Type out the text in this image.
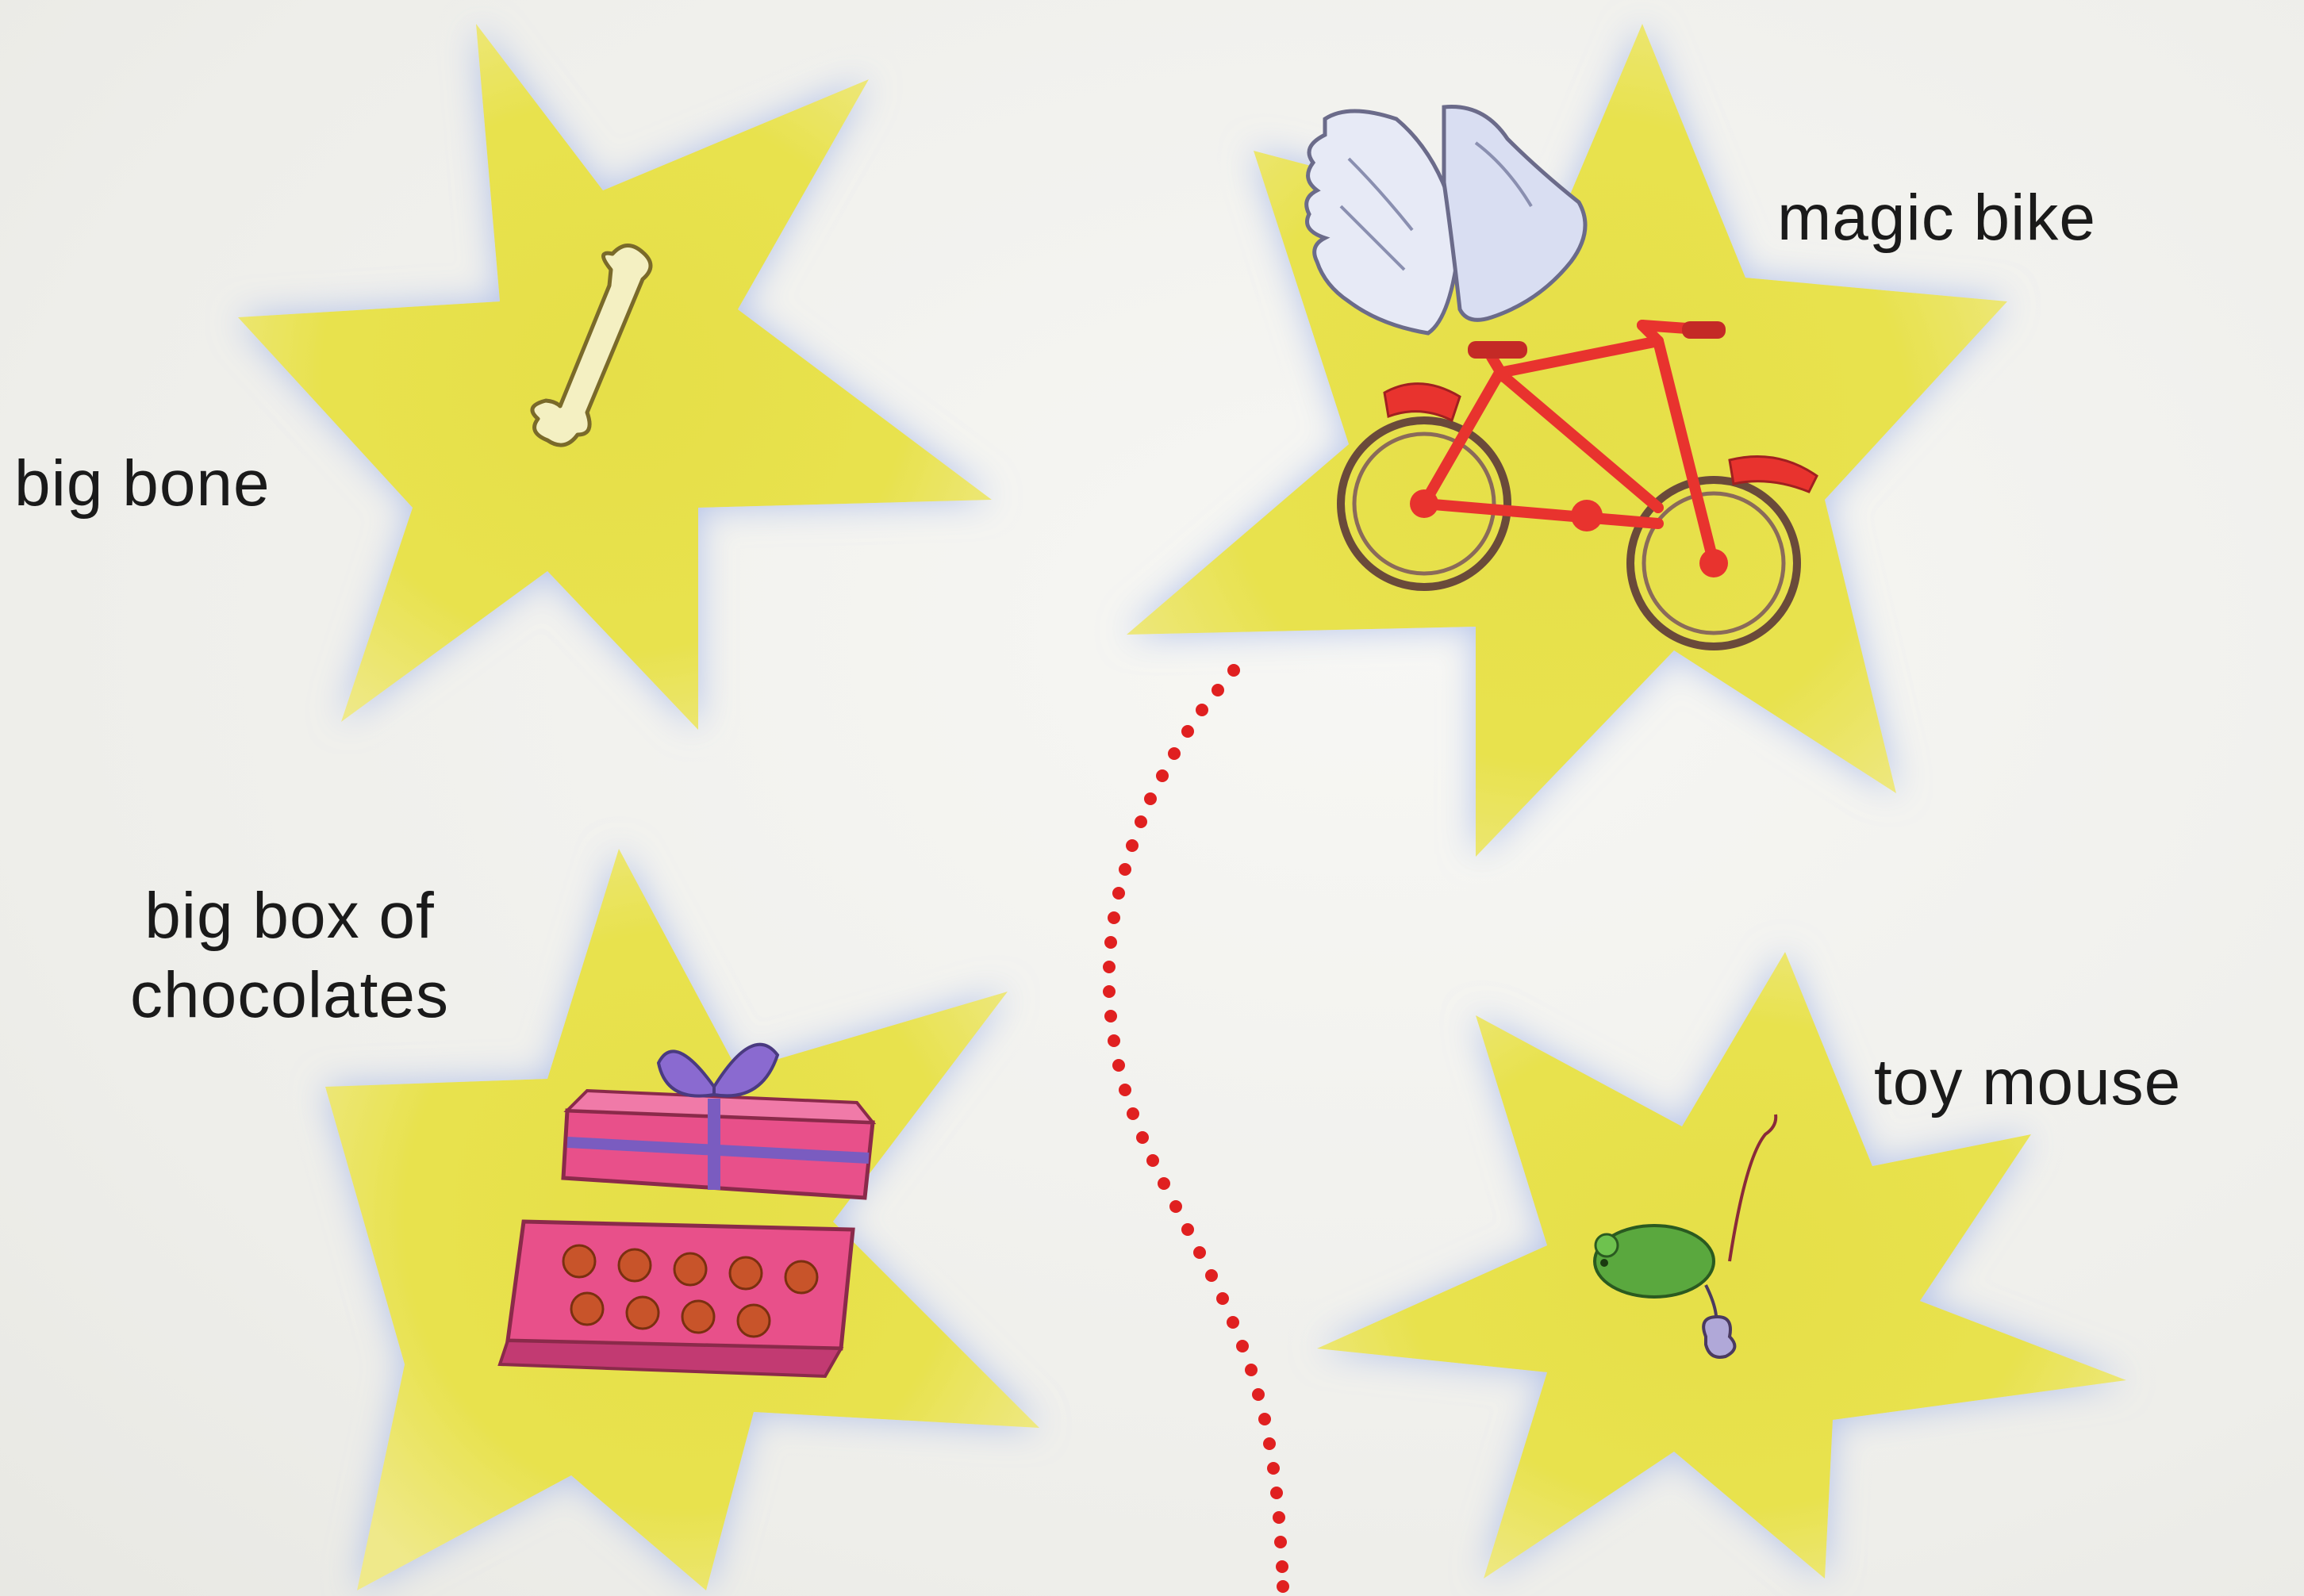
big bone
magic bike
big box of
chocolates
toy mouse
